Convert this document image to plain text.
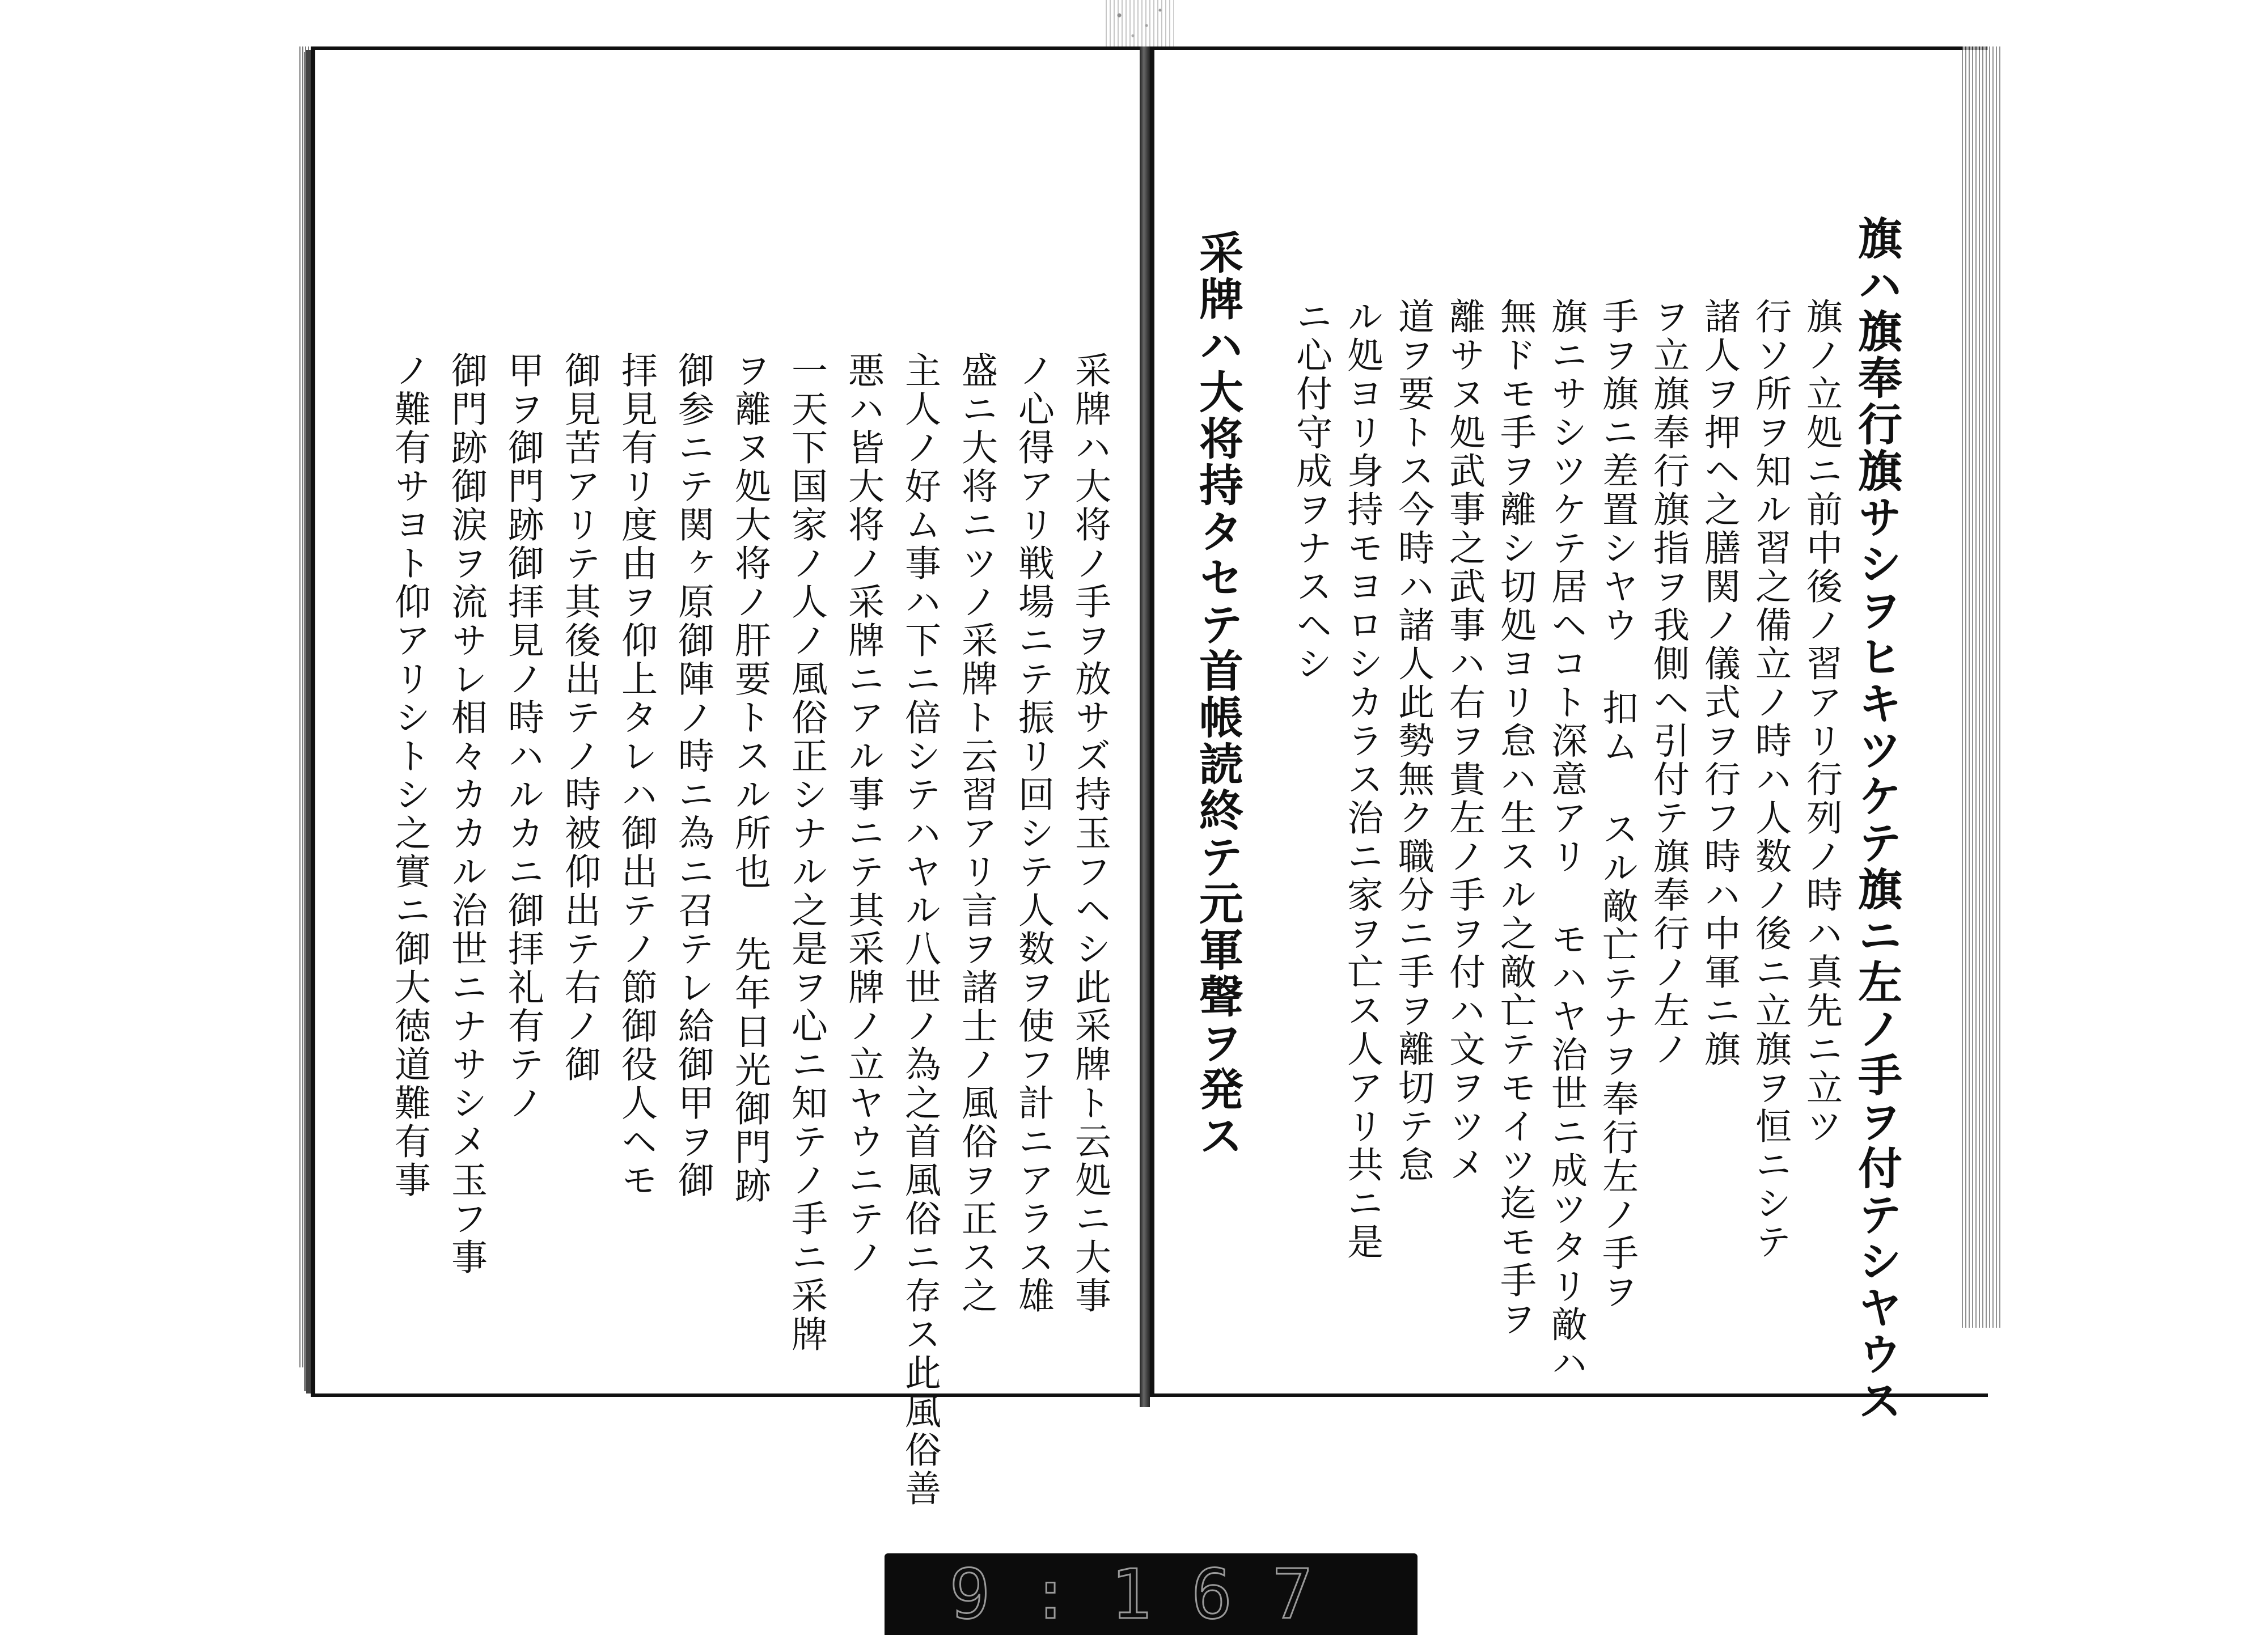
旗ハ旗奉行旗サシヲヒキツケテ旗ニ左ノ手ヲ付テシヤウス
旗ノ立処ニ前中後ノ習アリ行列ノ時ハ真先ニ立ツ
行ソ所ヲ知ル習之備立ノ時ハ人数ノ後ニ立旗ヲ恒ニシテ
諸人ヲ押ヘ之膳関ノ儀式ヲ行フ時ハ中軍ニ旗
ヲ立旗奉行旗指ヲ我側ヘ引付テ旗奉行ノ左ノ
手ヲ旗ニ差置シヤウ 扣ム スル敵亡テナヲ奉行左ノ手ヲ
旗ニサシツケテ居ヘコト深意アリ モハヤ治世ニ成ツタリ敵ハ
無ドモ手ヲ離シ切処ヨリ怠ハ生スル之敵亡テモイツ迄モ手ヲ
離サヌ処武事之武事ハ右ヲ貴左ノ手ヲ付ハ文ヲツメ
道ヲ要トス今時ハ諸人此勢無ク職分ニ手ヲ離切テ怠
ル処ヨリ身持モヨロシカラス治ニ家ヲ亡ス人アリ共ニ是
ニ心付守成ヲナスヘシ
采牌ハ大将持タセテ首帳読終テ元軍聲ヲ発ス
采牌ハ大将ノ手ヲ放サズ持玉フヘシ此采牌ト云処ニ大事
ノ心得アリ戦場ニテ振リ回シテ人数ヲ使フ計ニアラス雄
盛ニ大将ニツノ采牌ト云習アリ言ヲ諸士ノ風俗ヲ正ス之
主人ノ好ム事ハ下ニ倍シテハヤル八世ノ為之首風俗ニ存ス此風俗善
悪ハ皆大将ノ采牌ニアル事ニテ其采牌ノ立ヤウニテノ
一天下国家ノ人ノ風俗正シナル之是ヲ心ニ知テノ手ニ采牌
ヲ離ヌ処大将ノ肝要トスル所也 先年日光御門跡
御参ニテ関ヶ原御陣ノ時ニ為ニ召テレ給御甲ヲ御
拝見有リ度由ヲ仰上タレハ御出テノ節御役人ヘモ
御見苦アリテ其後出テノ時被仰出テ右ノ御
甲ヲ御門跡御拝見ノ時ハルカニ御拝礼有テノ
御門跡御涙ヲ流サレ相々カカル治世ニナサシメ玉フ事
ノ難有サヨト仰アリシトシ之實ニ御大徳道難有事
9:167
